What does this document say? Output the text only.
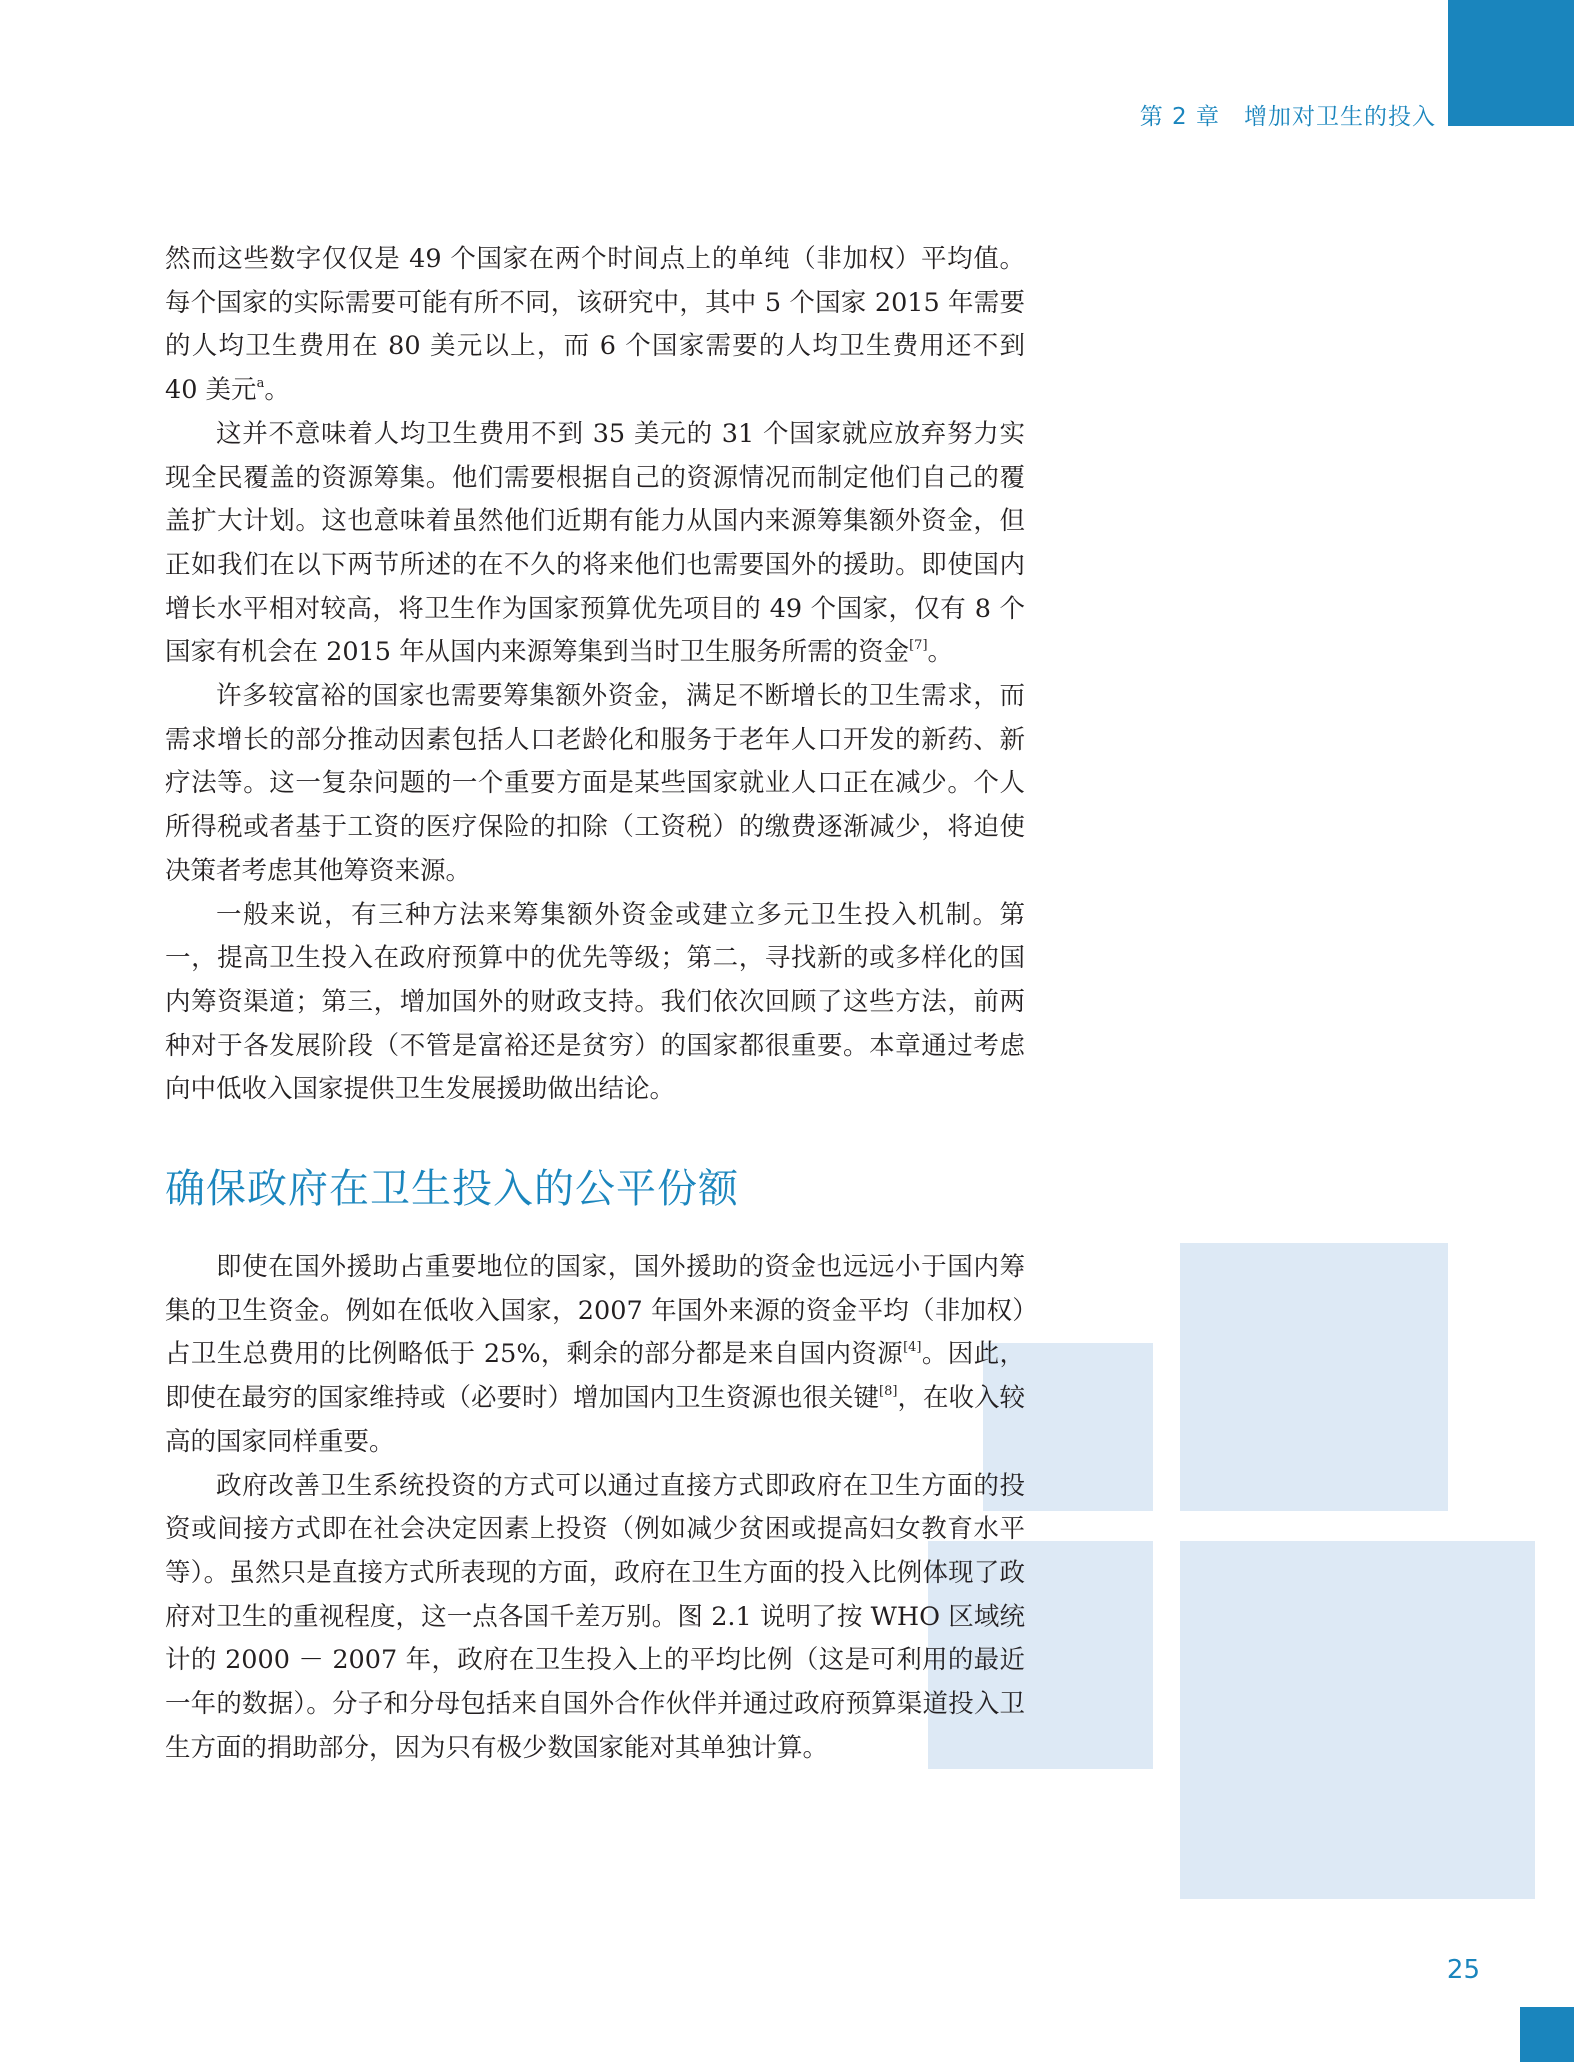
第 2 章　增加对卫生的投入

然而这些数字仅仅是 49 个国家在两个时间点上的单纯（非加权）平均值。每个国家的实际需要可能有所不同，该研究中，其中 5 个国家 2015 年需要的人均卫生费用在 80 美元以上，而 6 个国家需要的人均卫生费用还不到 40 美元$^a$。

这并不意味着人均卫生费用不到 35 美元的 31 个国家就应放弃努力实现全民覆盖的资源筹集。他们需要根据自己的资源情况而制定他们自己的覆盖扩大计划。这也意味着虽然他们近期有能力从国内来源筹集额外资金，但正如我们在以下两节所述的在不久的将来他们也需要国外的援助。即使国内增长水平相对较高，将卫生作为国家预算优先项目的 49 个国家，仅有 8 个国家有机会在 2015 年从国内来源筹集到当时卫生服务所需的资金[7]。

许多较富裕的国家也需要筹集额外资金，满足不断增长的卫生需求，而需求增长的部分推动因素包括人口老龄化和服务于老年人口开发的新药、新疗法等。这一复杂问题的一个重要方面是某些国家就业人口正在减少。个人所得税或者基于工资的医疗保险的扣除（工资税）的缴费逐渐减少，将迫使决策者考虑其他筹资来源。

一般来说，有三种方法来筹集额外资金或建立多元卫生投入机制。第一，提高卫生投入在政府预算中的优先等级；第二，寻找新的或多样化的国内筹资渠道；第三，增加国外的财政支持。我们依次回顾了这些方法，前两种对于各发展阶段（不管是富裕还是贫穷）的国家都很重要。本章通过考虑向中低收入国家提供卫生发展援助做出结论。

确保政府在卫生投入的公平份额

即使在国外援助占重要地位的国家，国外援助的资金也远远小于国内筹集的卫生资金。例如在低收入国家，2007 年国外来源的资金平均（非加权）占卫生总费用的比例略低于 25%，剩余的部分都是来自国内资源[4]。因此，即使在最穷的国家维持或（必要时）增加国内卫生资源也很关键[8]，在收入较高的国家同样重要。

政府改善卫生系统投资的方式可以通过直接方式即政府在卫生方面的投资或间接方式即在社会决定因素上投资（例如减少贫困或提高妇女教育水平等）。虽然只是直接方式所表现的方面，政府在卫生方面的投入比例体现了政府对卫生的重视程度，这一点各国千差万别。图 2.1 说明了按 WHO 区域统计的 2000 － 2007 年，政府在卫生投入上的平均比例（这是可利用的最近一年的数据）。分子和分母包括来自国外合作伙伴并通过政府预算渠道投入卫生方面的捐助部分，因为只有极少数国家能对其单独计算。

25
